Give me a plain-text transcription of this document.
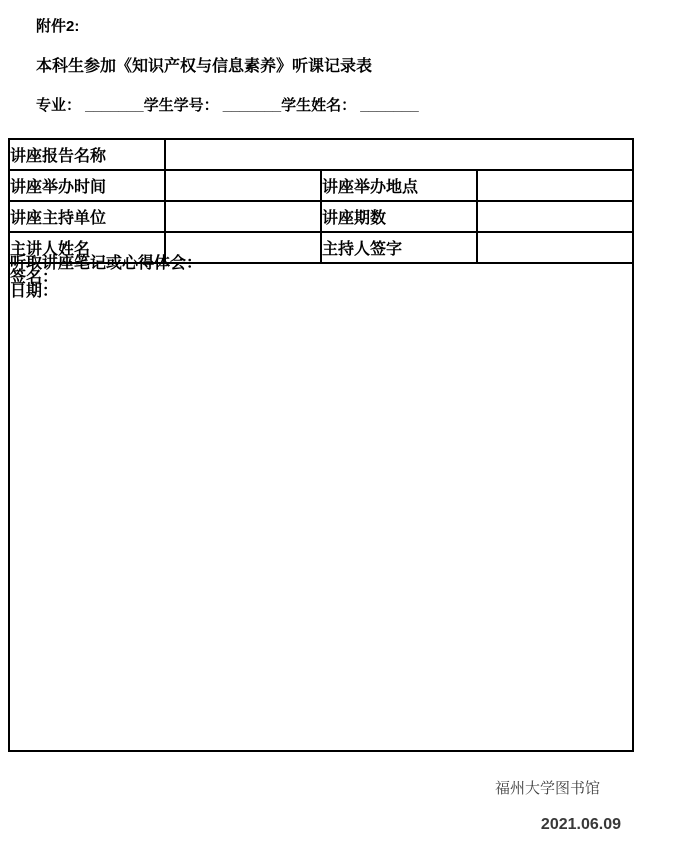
附件2:
本科生参加《知识产权与信息素养》听课记录表
专业： _______学生学号： _______学生姓名： _______
讲座报告名称			
讲座举办时间		讲座举办地点	
讲座主持单位		讲座期数	
主讲人姓名		主持人签字	

听取讲座笔记或心得体会：
签名：
日期：			
福州大学图书馆
2021.06.09
